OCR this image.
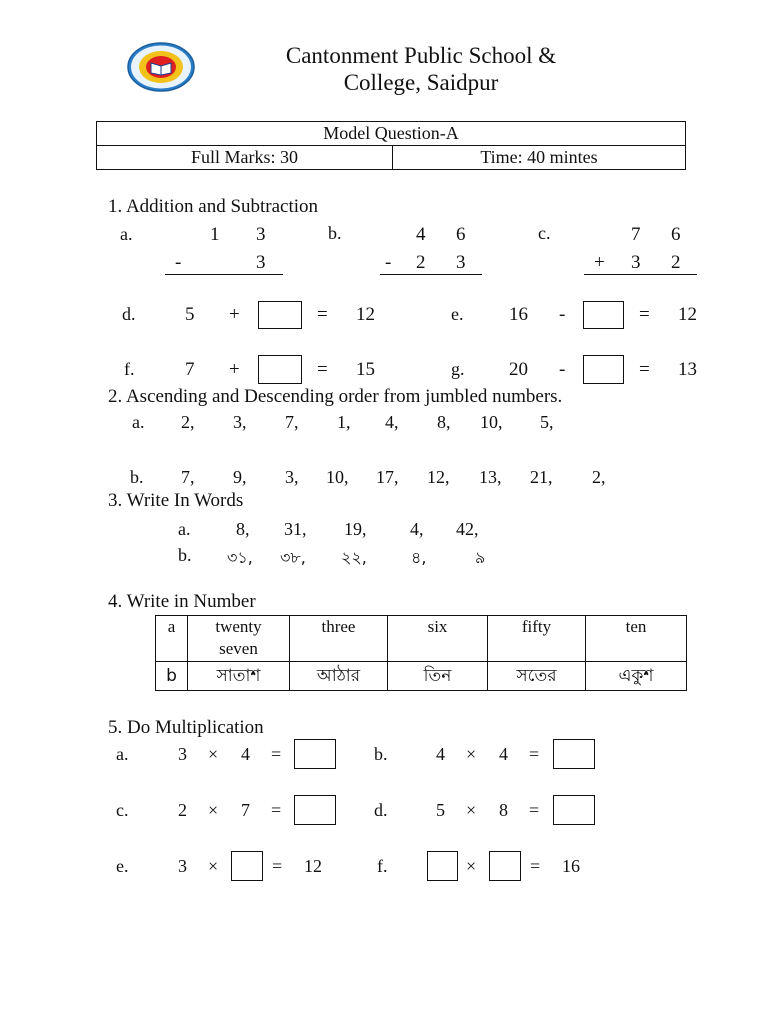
Cantonment Public School &
College, Saidpur
Model Question-A
Full Marks: 30	Time: 40 mintes
1. Addition and Subtraction
a.	1 3
-	3
b.	4 6
- 2 3
c.	7 6
+ 3 2
d.	5 +	= 12	e. 16 -	= 12
f.	7 +	= 15	g. 20 -	= 13
2. Ascending and Descending order from jumbled numbers.
a. 2, 3, 7, 1, 4, 8, 10, 5,
b. 7, 9, 3, 10, 17, 12, 13, 21, 2,
3. Write In Words
a.	8, 31, 19, 4, 42,
b. ৩১, ৩৮, ২২,	৪,	৯
4. Write in Number
a	twenty seven	three	six	fifty	ten
b	সাতাশ	আঠার	তিন	সতের	একুশ
5. Do Multiplication
a.	3 × 4 =	b.	4 × 4 =
c.	2 × 7 =	d.	5 × 8 =
e.	3 ×	= 12	f.	×	= 16
